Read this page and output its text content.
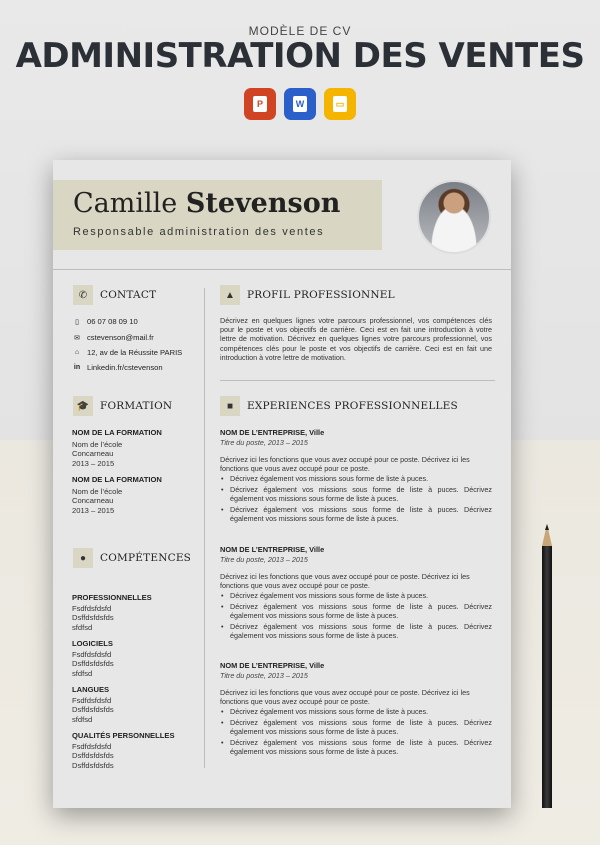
MODÈLE DE CV
ADMINISTRATION DES VENTES
P	W	▭
Camille Stevenson
Responsable administration des ventes
✆	CONTACT
▯ 06 07 08 09 10
✉ cstevenson@mail.fr
⌂ 12, av de la Réussite PARIS
in Linkedin.fr/cstevenson
🎓	FORMATION
NOM DE LA FORMATION
Nom de l’école
Concarneau
2013 – 2015
NOM DE LA FORMATION
Nom de l’école
Concarneau
2013 – 2015
●	COMPÉTENCES
PROFESSIONNELLES
Fsdfdsfdsfd
Dsffdsfdsfds
sfdfsd
LOGICIELS
Fsdfdsfdsfd
Dsffdsfdsfds
sfdfsd
LANGUES
Fsdfdsfdsfd
Dsffdsfdsfds
sfdfsd
QUALITÉS PERSONNELLES
Fsdfdsfdsfd
Dsffdsfdsfds
Dsffdsfdsfds
▲	PROFIL PROFESSIONNEL
Décrivez en quelques lignes votre parcours professionnel, vos compétences clés pour le poste et vos objectifs de carrière. Ceci est en fait une introduction à votre lettre de motivation. Décrivez en quelques lignes votre parcours professionnel, vos compétences clés pour le poste et vos objectifs de carrière. Ceci est en fait une introduction à votre lettre de motivation.
■	EXPERIENCES PROFESSIONNELLES
NOM DE L’ENTREPRISE, Ville
Titre du poste, 2013 – 2015
Décrivez ici les fonctions que vous avez occupé pour ce poste. Décrivez ici les fonctions que vous avez occupé pour ce poste.
• Décrivez également vos missions sous forme de liste à puces.
• Décrivez également vos missions sous forme de liste à puces. Décrivez également vos missions sous forme de liste à puces.
• Décrivez également vos missions sous forme de liste à puces. Décrivez également vos missions sous forme de liste à puces.
NOM DE L’ENTREPRISE, Ville
Titre du poste, 2013 – 2015
Décrivez ici les fonctions que vous avez occupé pour ce poste. Décrivez ici les fonctions que vous avez occupé pour ce poste.
• Décrivez également vos missions sous forme de liste à puces.
• Décrivez également vos missions sous forme de liste à puces. Décrivez également vos missions sous forme de liste à puces.
• Décrivez également vos missions sous forme de liste à puces. Décrivez également vos missions sous forme de liste à puces.
NOM DE L’ENTREPRISE, Ville
Titre du poste, 2013 – 2015
Décrivez ici les fonctions que vous avez occupé pour ce poste. Décrivez ici les fonctions que vous avez occupé pour ce poste.
• Décrivez également vos missions sous forme de liste à puces.
• Décrivez également vos missions sous forme de liste à puces. Décrivez également vos missions sous forme de liste à puces.
• Décrivez également vos missions sous forme de liste à puces. Décrivez également vos missions sous forme de liste à puces.
